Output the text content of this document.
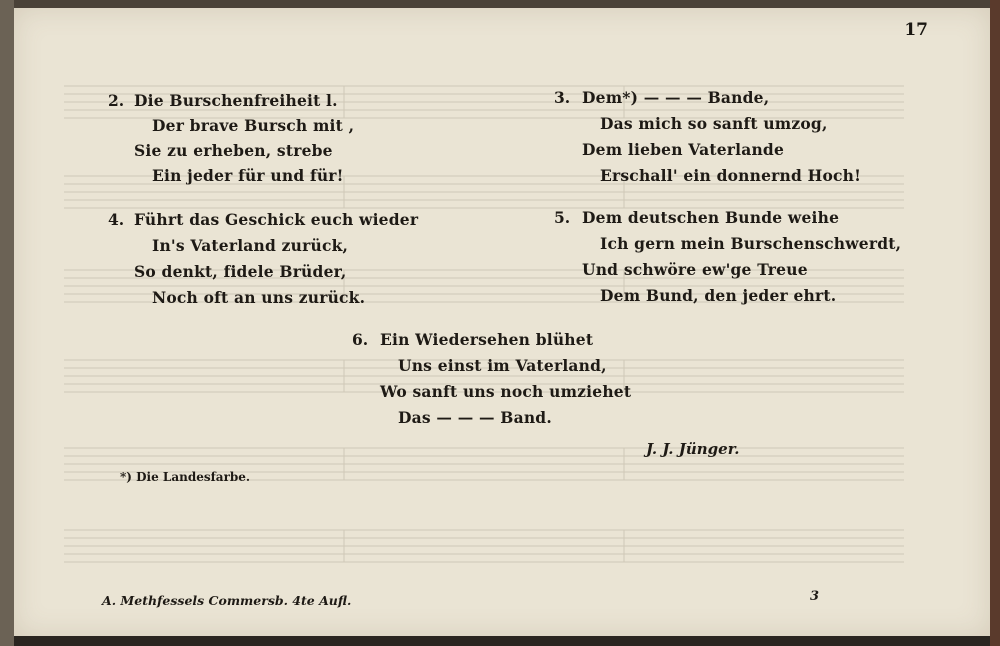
17
2. Die Burschenfreiheit l.
Der brave Bursch mit ,
Sie zu erheben, strebe
Ein jeder für und für!
4. Führt das Geschick euch wieder
In's Vaterland zurück,
So denkt, fidele Brüder,
Noch oft an uns zurück.
3. Dem*) — — — Bande,
Das mich so sanft umzog,
Dem lieben Vaterlande
Erschall' ein donnernd Hoch!
5. Dem deutschen Bunde weihe
Ich gern mein Burschenschwerdt,
Und schwöre ew'ge Treue
Dem Bund, den jeder ehrt.
6. Ein Wiedersehen blühet
Uns einst im Vaterland,
Wo sanft uns noch umziehet
Das — — — Band.
J. J. Jünger.
*) Die Landesfarbe.
A. Methfessels Commersb. 4te Aufl.	3
